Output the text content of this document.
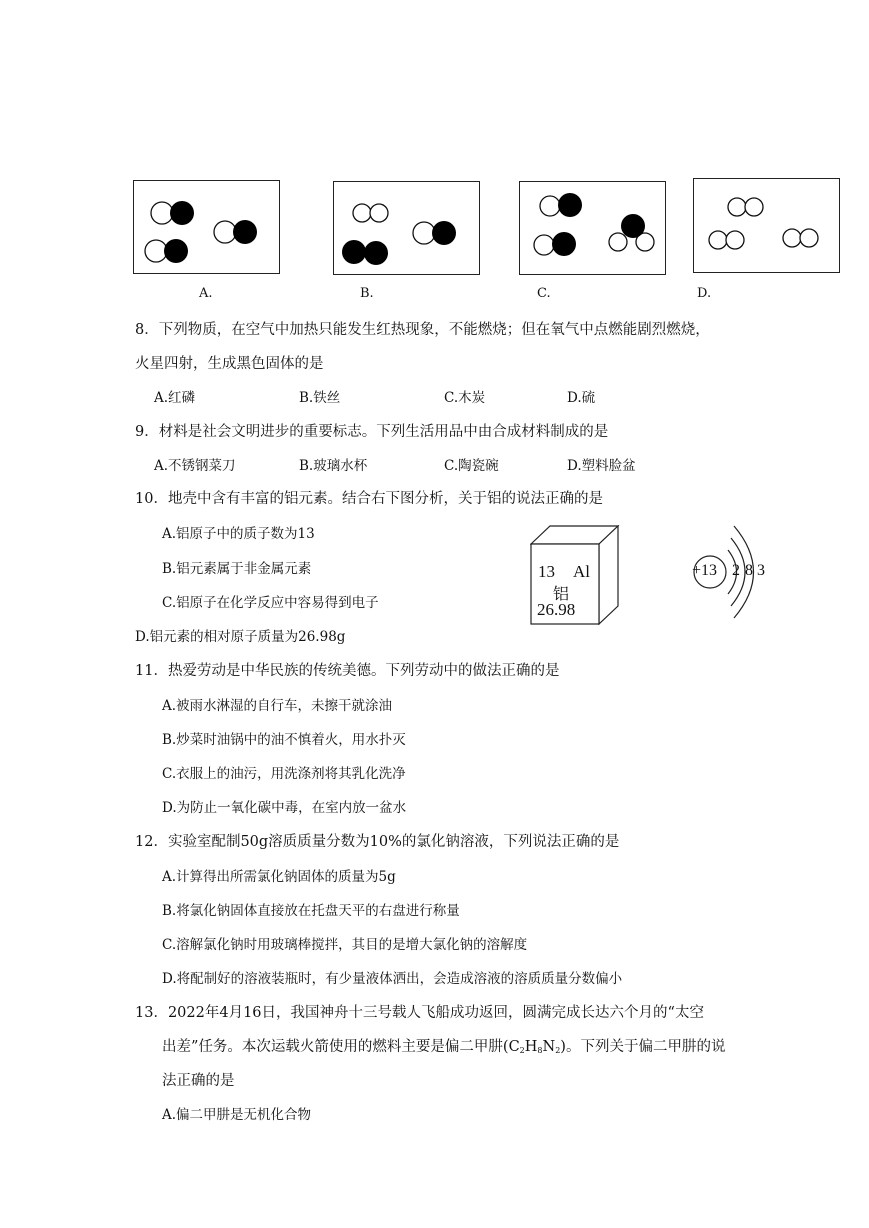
A.	B.	C.	D.
8．下列物质，在空气中加热只能发生红热现象，不能燃烧；但在氧气中点燃能剧烈燃烧，
火星四射，生成黑色固体的是
A.红磷	B.铁丝	C.木炭	D.硫
9．材料是社会文明进步的重要标志。下列生活用品中由合成材料制成的是
A.不锈钢菜刀	B.玻璃水杯	C.陶瓷碗	D.塑料脸盆
10．地壳中含有丰富的铝元素。结合右下图分析，关于铝的说法正确的是
A.铝原子中的质子数为13
B.铝元素属于非金属元素
C.铝原子在化学反应中容易得到电子
D.铝元素的相对原子质量为26.98g
13 Al
铝
26.98
+13 2 8 3
11．热爱劳动是中华民族的传统美德。下列劳动中的做法正确的是
A.被雨水淋湿的自行车，未擦干就涂油
B.炒菜时油锅中的油不慎着火，用水扑灭
C.衣服上的油污，用洗涤剂将其乳化洗净
D.为防止一氧化碳中毒，在室内放一盆水
12．实验室配制50g溶质质量分数为10%的氯化钠溶液，下列说法正确的是
A.计算得出所需氯化钠固体的质量为5g
B.将氯化钠固体直接放在托盘天平的右盘进行称量
C.溶解氯化钠时用玻璃棒搅拌，其目的是增大氯化钠的溶解度
D.将配制好的溶液装瓶时，有少量液体洒出，会造成溶液的溶质质量分数偏小
13．2022年4月16日，我国神舟十三号载人飞船成功返回，圆满完成长达六个月的“太空
出差”任务。本次运载火箭使用的燃料主要是偏二甲肼$(C_2H_8N_2)$。下列关于偏二甲肼的说
法正确的是
A.偏二甲肼是无机化合物
